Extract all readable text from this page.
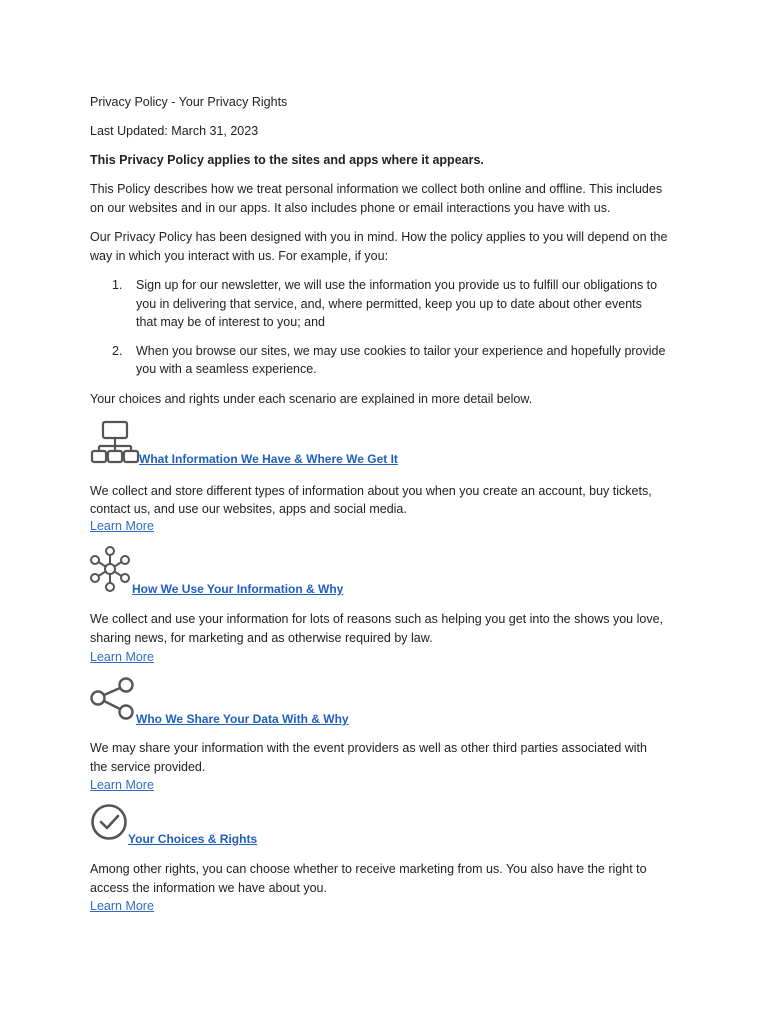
Privacy Policy - Your Privacy Rights

Last Updated: March 31, 2023

This Privacy Policy applies to the sites and apps where it appears.

This Policy describes how we treat personal information we collect both online and offline. This includes

on our websites and in our apps. It also includes phone or email interactions you have with us.

Our Privacy Policy has been designed with you in mind. How the policy applies to you will depend on the

way in which you interact with us. For example, if you:

1. Sign up for our newsletter, we will use the information you provide us to fulfill our obligations to
you in delivering that service, and, where permitted, keep you up to date about other events
that may be of interest to you; and
2. When you browse our sites, we may use cookies to tailor your experience and hopefully provide
you with a seamless experience.

Your choices and rights under each scenario are explained in more detail below.

What Information We Have & Where We Get It

We collect and store different types of information about you when you create an account, buy tickets,

contact us, and use our websites, apps and social media.

Learn More

How We Use Your Information & Why

We collect and use your information for lots of reasons such as helping you get into the shows you love,

sharing news, for marketing and as otherwise required by law.

Learn More

Who We Share Your Data With & Why

We may share your information with the event providers as well as other third parties associated with

the service provided.

Learn More

Your Choices & Rights

Among other rights, you can choose whether to receive marketing from us. You also have the right to

access the information we have about you.

Learn More
